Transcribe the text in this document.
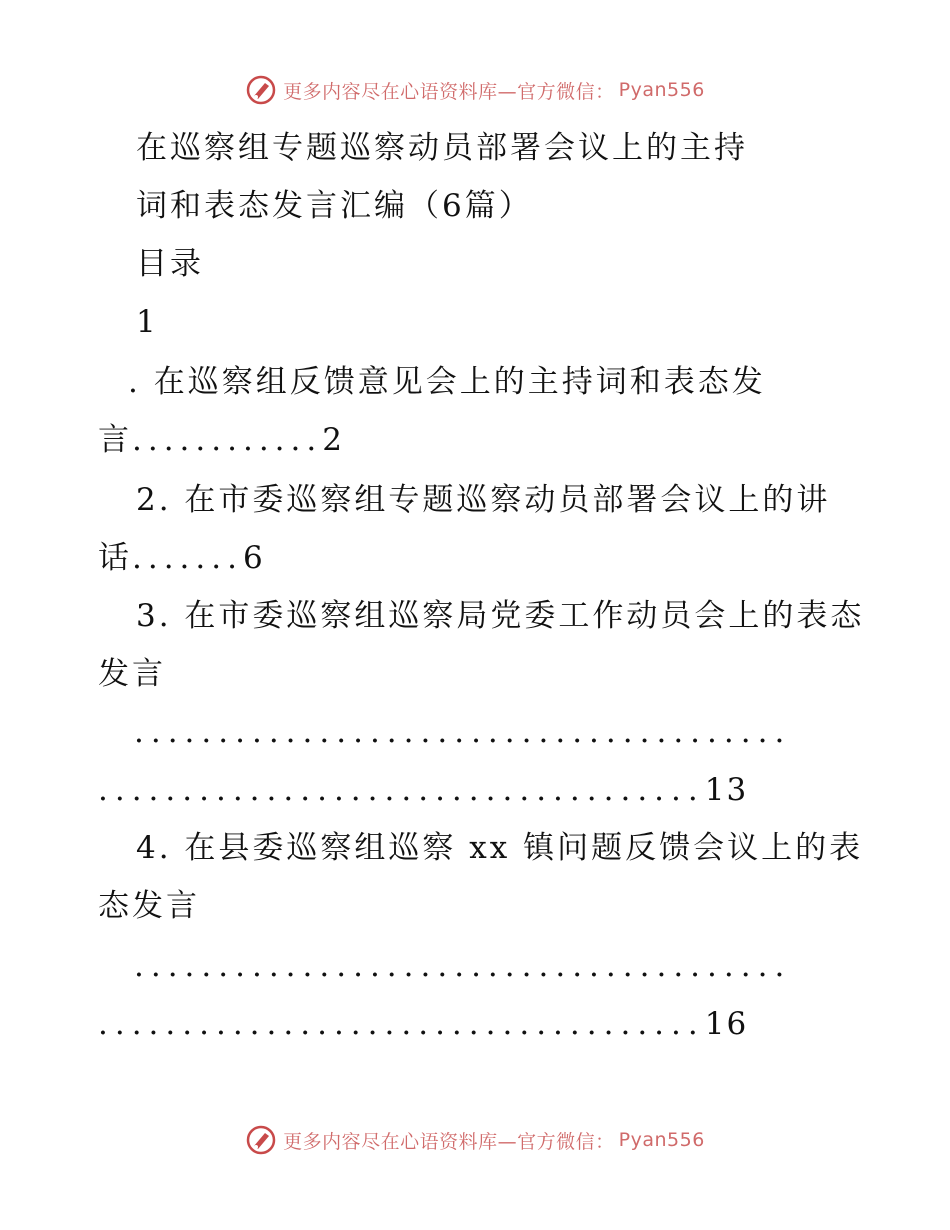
更多内容尽在心语资料库—官方微信： Pyan556
在巡察组专题巡察动员部署会议上的主持
词和表态发言汇编（6篇）
目录
1
. 在巡察组反馈意见会上的主持词和表态发
言............2
2. 在市委巡察组专题巡察动员部署会议上的讲
话.......6
3. 在市委巡察组巡察局党委工作动员会上的表态
发言
.......................................
....................................13
4. 在县委巡察组巡察 xx 镇问题反馈会议上的表
态发言
.......................................
....................................16
更多内容尽在心语资料库—官方微信： Pyan556
